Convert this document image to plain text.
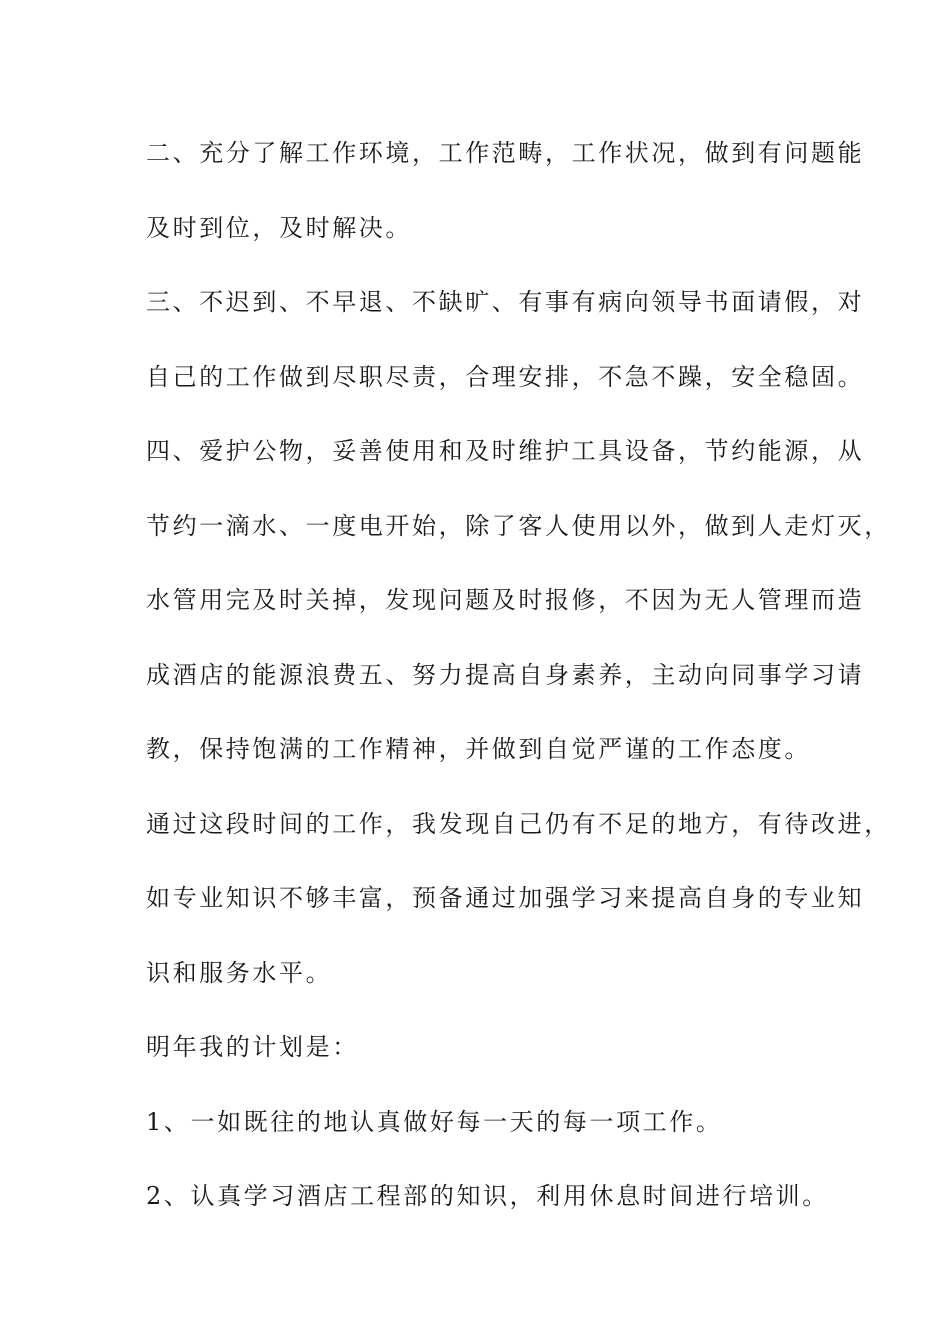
二、充分了解工作环境，工作范畴，工作状况，做到有问题能
及时到位，及时解决。
三、不迟到、不早退、不缺旷、有事有病向领导书面请假，对
自己的工作做到尽职尽责，合理安排，不急不躁，安全稳固。
四、爱护公物，妥善使用和及时维护工具设备，节约能源，从
节约一滴水、一度电开始，除了客人使用以外，做到人走灯灭，
水管用完及时关掉，发现问题及时报修，不因为无人管理而造
成酒店的能源浪费五、努力提高自身素养，主动向同事学习请
教，保持饱满的工作精神，并做到自觉严谨的工作态度。
通过这段时间的工作，我发现自己仍有不足的地方，有待改进，
如专业知识不够丰富，预备通过加强学习来提高自身的专业知
识和服务水平。
明年我的计划是：
1、一如既往的地认真做好每一天的每一项工作。
2、认真学习酒店工程部的知识，利用休息时间进行培训。
